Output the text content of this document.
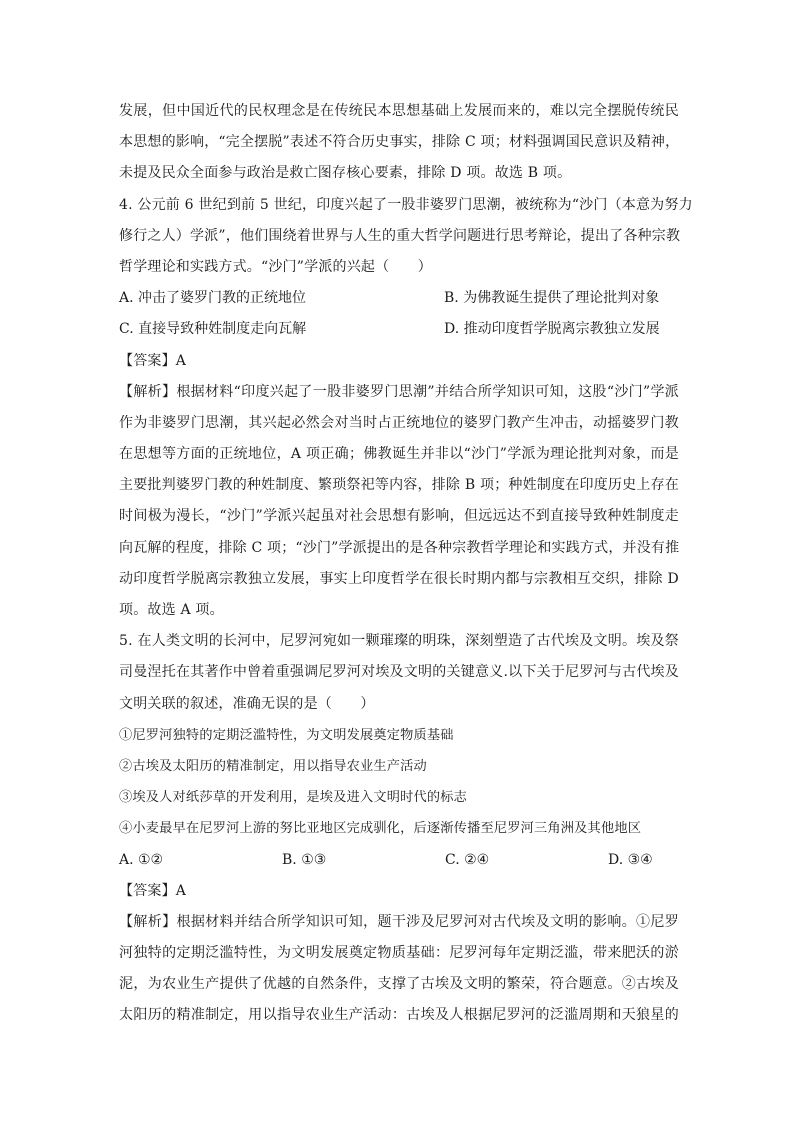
发展，但中国近代的民权理念是在传统民本思想基础上发展而来的，难以完全摆脱传统民
本思想的影响，“完全摆脱”表述不符合历史事实，排除 C 项；材料强调国民意识及精神，
未提及民众全面参与政治是救亡图存核心要素，排除 D 项。故选 B 项。
4. 公元前 6 世纪到前 5 世纪，印度兴起了一股非婆罗门思潮，被统称为“沙门（本意为努力
修行之人）学派”，他们围绕着世界与人生的重大哲学问题进行思考辩论，提出了各种宗教
哲学理论和实践方式。“沙门”学派的兴起（　　）
A. 冲击了婆罗门教的正统地位	B. 为佛教诞生提供了理论批判对象
C. 直接导致种姓制度走向瓦解	D. 推动印度哲学脱离宗教独立发展
【答案】A
【解析】根据材料“印度兴起了一股非婆罗门思潮”并结合所学知识可知，这股“沙门”学派
作为非婆罗门思潮，其兴起必然会对当时占正统地位的婆罗门教产生冲击，动摇婆罗门教
在思想等方面的正统地位，A 项正确；佛教诞生并非以“沙门”学派为理论批判对象，而是
主要批判婆罗门教的种姓制度、繁琐祭祀等内容，排除 B 项；种姓制度在印度历史上存在
时间极为漫长，“沙门”学派兴起虽对社会思想有影响，但远远达不到直接导致种姓制度走
向瓦解的程度，排除 C 项；“沙门”学派提出的是各种宗教哲学理论和实践方式，并没有推
动印度哲学脱离宗教独立发展，事实上印度哲学在很长时期内都与宗教相互交织，排除 D
项。故选 A 项。
5. 在人类文明的长河中，尼罗河宛如一颗璀璨的明珠，深刻塑造了古代埃及文明。埃及祭
司曼涅托在其著作中曾着重强调尼罗河对埃及文明的关键意义.以下关于尼罗河与古代埃及
文明关联的叙述，准确无误的是（　　）
①尼罗河独特的定期泛滥特性，为文明发展奠定物质基础
②古埃及太阳历的精准制定，用以指导农业生产活动
③埃及人对纸莎草的开发利用，是埃及进入文明时代的标志
④小麦最早在尼罗河上游的努比亚地区完成驯化，后逐渐传播至尼罗河三角洲及其他地区
A. ①②	B. ①③	C. ②④	D. ③④
【答案】A
【解析】根据材料并结合所学知识可知，题干涉及尼罗河对古代埃及文明的影响。①尼罗
河独特的定期泛滥特性，为文明发展奠定物质基础：尼罗河每年定期泛滥，带来肥沃的淤
泥，为农业生产提供了优越的自然条件，支撑了古埃及文明的繁荣，符合题意。②古埃及
太阳历的精准制定，用以指导农业生产活动：古埃及人根据尼罗河的泛滥周期和天狼星的
